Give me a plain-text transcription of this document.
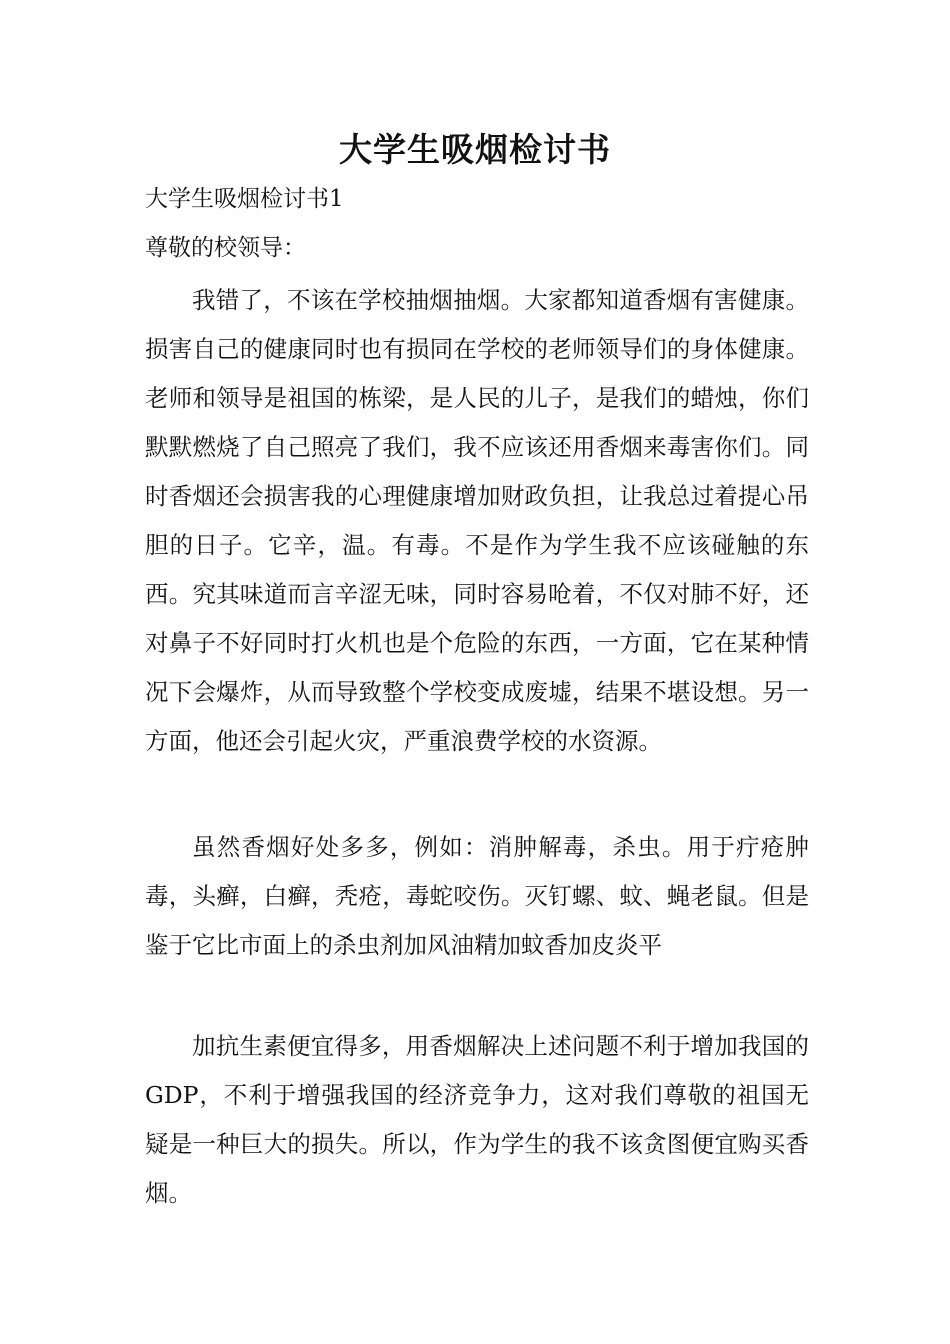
大学生吸烟检讨书

大学生吸烟检讨书1

尊敬的校领导：

我错了，不该在学校抽烟抽烟。大家都知道香烟有害健康。损害自己的健康同时也有损同在学校的老师领导们的身体健康。老师和领导是祖国的栋梁，是人民的儿子，是我们的蜡烛，你们默默燃烧了自己照亮了我们，我不应该还用香烟来毒害你们。同时香烟还会损害我的心理健康增加财政负担，让我总过着提心吊胆的日子。它辛，温。有毒。不是作为学生我不应该碰触的东西。究其味道而言辛涩无味，同时容易呛着，不仅对肺不好，还对鼻子不好同时打火机也是个危险的东西，一方面，它在某种情况下会爆炸，从而导致整个学校变成废墟，结果不堪设想。另一方面，他还会引起火灾，严重浪费学校的水资源。

虽然香烟好处多多，例如：消肿解毒，杀虫。用于疔疮肿毒，头癣，白癣，秃疮，毒蛇咬伤。灭钉螺、蚊、蝇老鼠。但是鉴于它比市面上的杀虫剂加风油精加蚊香加皮炎平

加抗生素便宜得多，用香烟解决上述问题不利于增加我国的GDP，不利于增强我国的经济竞争力，这对我们尊敬的祖国无疑是一种巨大的损失。所以，作为学生的我不该贪图便宜购买香烟。
